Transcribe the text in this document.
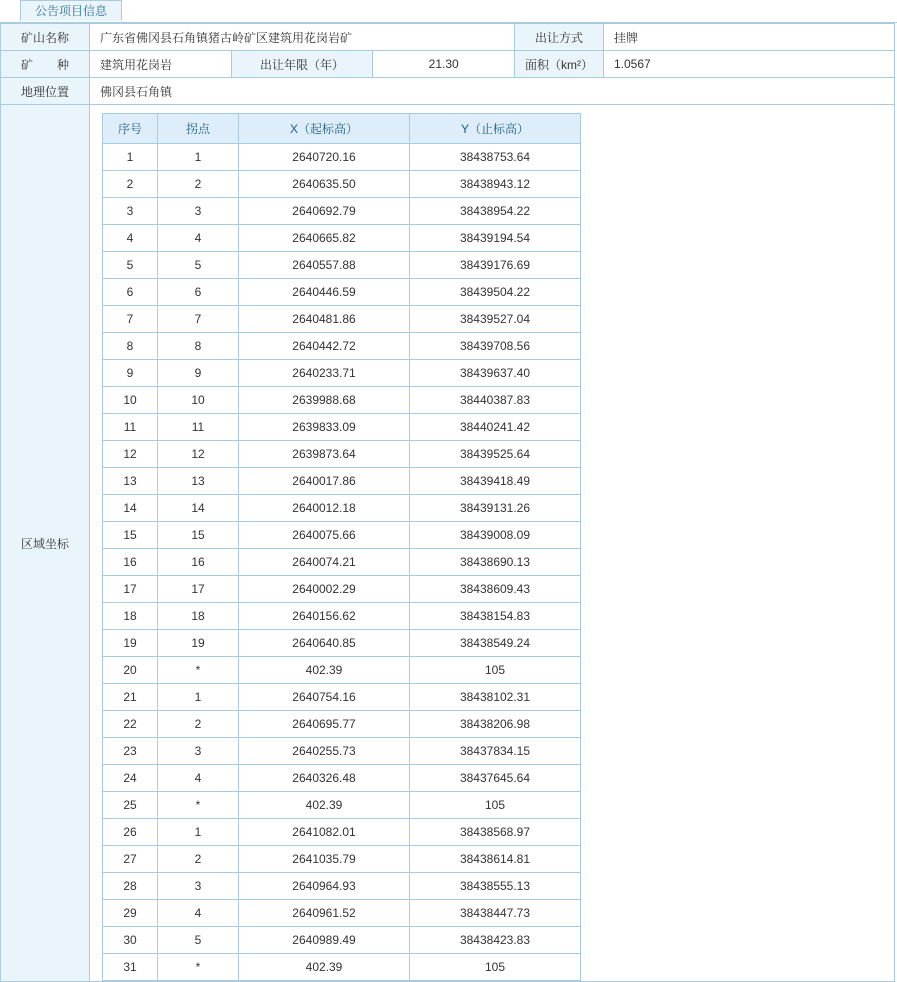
公告项目信息
矿山名称	广东省佛冈县石角镇猪古岭矿区建筑用花岗岩矿	出让方式	挂牌
矿　种	建筑用花岗岩	出让年限（年）	21.30	面积（km²）	1.0567
地理位置	佛冈县石角镇
区域坐标	
序号	拐点	X（起标高）	Y（止标高）
1	1	2640720.16	38438753.64
2	2	2640635.50	38438943.12
3	3	2640692.79	38438954.22
4	4	2640665.82	38439194.54
5	5	2640557.88	38439176.69
6	6	2640446.59	38439504.22
7	7	2640481.86	38439527.04
8	8	2640442.72	38439708.56
9	9	2640233.71	38439637.40
10	10	2639988.68	38440387.83
11	11	2639833.09	38440241.42
12	12	2639873.64	38439525.64
13	13	2640017.86	38439418.49
14	14	2640012.18	38439131.26
15	15	2640075.66	38439008.09
16	16	2640074.21	38438690.13
17	17	2640002.29	38438609.43
18	18	2640156.62	38438154.83
19	19	2640640.85	38438549.24
20	*	402.39	105
21	1	2640754.16	38438102.31
22	2	2640695.77	38438206.98
23	3	2640255.73	38437834.15
24	4	2640326.48	38437645.64
25	*	402.39	105
26	1	2641082.01	38438568.97
27	2	2641035.79	38438614.81
28	3	2640964.93	38438555.13
29	4	2640961.52	38438447.73
30	5	2640989.49	38438423.83
31	*	402.39	105
